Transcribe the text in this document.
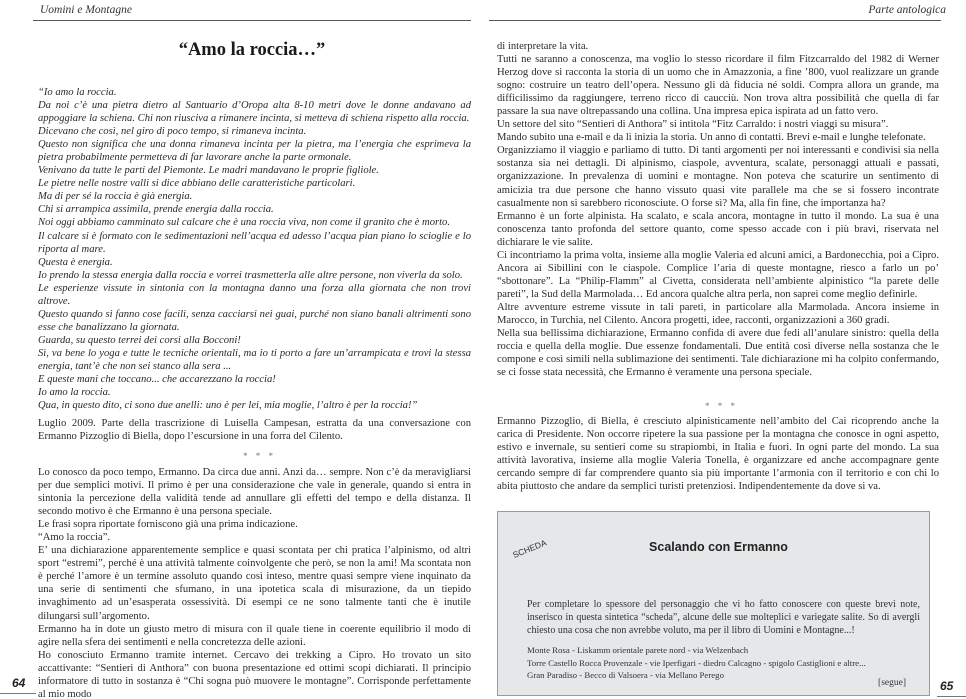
Uomini e Montagne
“Amo la roccia…”

“Io amo la roccia.

Da noi c’è una pietra dietro al Santuario d’Oropa alta 8-10 metri dove le donne andavano ad appoggiare la schiena. Chi non riusciva a rimanere incinta, si metteva di schiena rispetto alla roccia.

Dicevano che così, nel giro di poco tempo, si rimaneva incinta.

Questo non significa che una donna rimaneva incinta per la pietra, ma l’energia che esprimeva la pietra probabilmente permetteva di far lavorare anche la parte ormonale.

Venivano da tutte le parti del Piemonte. Le madri mandavano le proprie figliole.

Le pietre nelle nostre valli si dice abbiano delle caratteristiche particolari.

Ma di per sé la roccia è già energia.

Chi si arrampica assimila, prende energia dalla roccia.

Noi oggi abbiamo camminato sul calcare che è una roccia viva, non come il granito che è morto.

Il calcare si è formato con le sedimentazioni nell’acqua ed adesso l’acqua pian piano lo scioglie e lo riporta al mare.

Questa è energia.

Io prendo la stessa energia dalla roccia e vorrei trasmetterla alle altre persone, non viverla da solo.

Le esperienze vissute in sintonia con la montagna danno una forza alla giornata che non trovi altrove.

Questo quando si fanno cose facili, senza cacciarsi nei guai, purché non siano banali altrimenti sono esse che banalizzano la giornata.

Guarda, su questo terrei dei corsi alla Bocconi!

Sì, va bene lo yoga e tutte le tecniche orientali, ma io ti porto a fare un’arrampicata e trovi la stessa energia, tant’è che non sei stanco alla sera ...

E queste mani che toccano... che accarezzano la roccia!

Io amo la roccia.

Qua, in questo dito, ci sono due anelli: uno è per lei, mia moglie, l’altro è per la roccia!”

Luglio 2009. Parte della trascrizione di Luisella Campesan, estratta da una conversazione con Ermanno Pizzoglio di Biella, dopo l’escursione in una forra del Cilento.

* * *

Lo conosco da poco tempo, Ermanno. Da circa due anni. Anzi da… sempre. Non c’è da meravigliarsi per due semplici motivi. Il primo è per una considerazione che vale in generale, quando si entra in sintonia la percezione della validità tende ad annullare gli effetti del tempo e della distanza. Il secondo motivo è che Ermanno è una persona speciale.

Le frasi sopra riportate forniscono già una prima indicazione.

“Amo la roccia”.

E’ una dichiarazione apparentemente semplice e quasi scontata per chi pratica l’alpinismo, od altri sport “estremi”, perché è una attività talmente coinvolgente che però, se non la ami! Ma scontata non è perché l’amore è un termine assoluto quando così inteso, mentre quasi sempre viene inquinato da una serie di sentimenti che sfumano, in una ipotetica scala di misurazione, da un tiepido invaghimento ad un’esasperata ossessività. Di esempi ce ne sono talmente tanti che è inutile dilungarsi sull’argomento.

Ermanno ha in dote un giusto metro di misura con il quale tiene in coerente equilibrio il modo di agire nella sfera dei sentimenti e nella concretezza delle azioni.

Ho conosciuto Ermanno tramite internet. Cercavo dei trekking a Cipro. Ho trovato un sito accattivante: “Sentieri di Anthora” con buona presentazione ed ottimi scopi dichiarati. Il principio informatore di tutto in sostanza è “Chi sogna può muovere le montagne”. Corrisponde perfettamente al mio modo

64
Parte antologica

di interpretare la vita.

Tutti ne saranno a conoscenza, ma voglio lo stesso ricordare il film Fitzcarraldo del 1982 di Werner Herzog dove si racconta la storia di un uomo che in Amazzonia, a fine ’800, vuol realizzare un grande sogno: costruire un teatro dell’opera. Nessuno gli dà fiducia né soldi. Compra allora un grande, ma difficilissimo da raggiungere, terreno ricco di caucciù. Non trova altra possibilità che quella di far passare la sua nave oltrepassando una collina. Una impresa epica ispirata ad un fatto vero.

Un settore del sito “Sentieri di Anthora” si intitola “Fitz Carraldo: i nostri viaggi su misura”.

Mando subito una e-mail e da lì inizia la storia. Un anno di contatti. Brevi e-mail e lunghe telefonate.

Organizziamo il viaggio e parliamo di tutto. Di tanti argomenti per noi interessanti e condivisi sia nella sostanza sia nei dettagli. Di alpinismo, ciaspole, avventura, scalate, personaggi attuali e passati, organizzazione. In prevalenza di uomini e montagne. Non poteva che scaturire un sentimento di amicizia tra due persone che hanno vissuto quasi vite parallele ma che se si fossero incontrate casualmente non si sarebbero riconosciute. O forse sì? Ma, alla fin fine, che importanza ha?

Ermanno è un forte alpinista. Ha scalato, e scala ancora, montagne in tutto il mondo. La sua è una conoscenza tanto profonda del settore quanto, come spesso accade con i più bravi, riservata nel dichiarare le vie salite.

Ci incontriamo la prima volta, insieme alla moglie Valeria ed alcuni amici, a Bardonecchia, poi a Cipro. Ancora ai Sibillini con le ciaspole. Complice l’aria di queste montagne, riesco a farlo un po’ “sbottonare”. La “Philip-Flamm” al Civetta, considerata nell’ambiente alpinistico “la parete delle pareti”, la Sud della Marmolada… Ed ancora qualche altra perla, non saprei come meglio definirle.

Altre avventure estreme vissute in tali pareti, in particolare alla Marmolada. Ancora insieme in Marocco, in Turchia, nel Cilento. Ancora progetti, idee, racconti, organizzazioni a 360 gradi.

Nella sua bellissima dichiarazione, Ermanno confida di avere due fedi all’anulare sinistro: quella della roccia e quella della moglie. Due essenze fondamentali. Due entità così diverse nella sostanza che le compone e così simili nella sublimazione dei sentimenti. Tale dichiarazione mi ha colpito confermando, se ci fosse stata necessità, che Ermanno è veramente una persona speciale.

* * *

Ermanno Pizzoglio, di Biella, è cresciuto alpinisticamente nell’ambito del Cai ricoprendo anche la carica di Presidente. Non occorre ripetere la sua passione per la montagna che conosce in ogni aspetto, estivo e invernale, su sentieri come su strapiombi, in Italia e fuori. In ogni parte del mondo. La sua attività lavorativa, insieme alla moglie Valeria Tonella, è organizzare ed anche accompagnare gente cercando sempre di far comprendere quanto sia più importante l’armonia con il territorio e con chi lo abita piuttosto che andare da semplici turisti pretenziosi. Indipendentemente da dove si va.

SCHEDA	Scalando con Ermanno
Per completare lo spessore del personaggio che vi ho fatto conoscere con queste brevi note, inserisco in questa sintetica “scheda”, alcune delle sue molteplici e variegate salite. So di avergli chiesto una cosa che non avrebbe voluto, ma per il libro di Uomini e Montagne...!
Monte Rosa - Liskamm orientale parete nord - via Welzenbach
Torre Castello Rocca Provenzale - vie Iperfigari - diedro Calcagno - spigolo Castiglioni e altre...
Gran Paradiso - Becco di Valsoera - via Mellano Perego
[segue]	65
